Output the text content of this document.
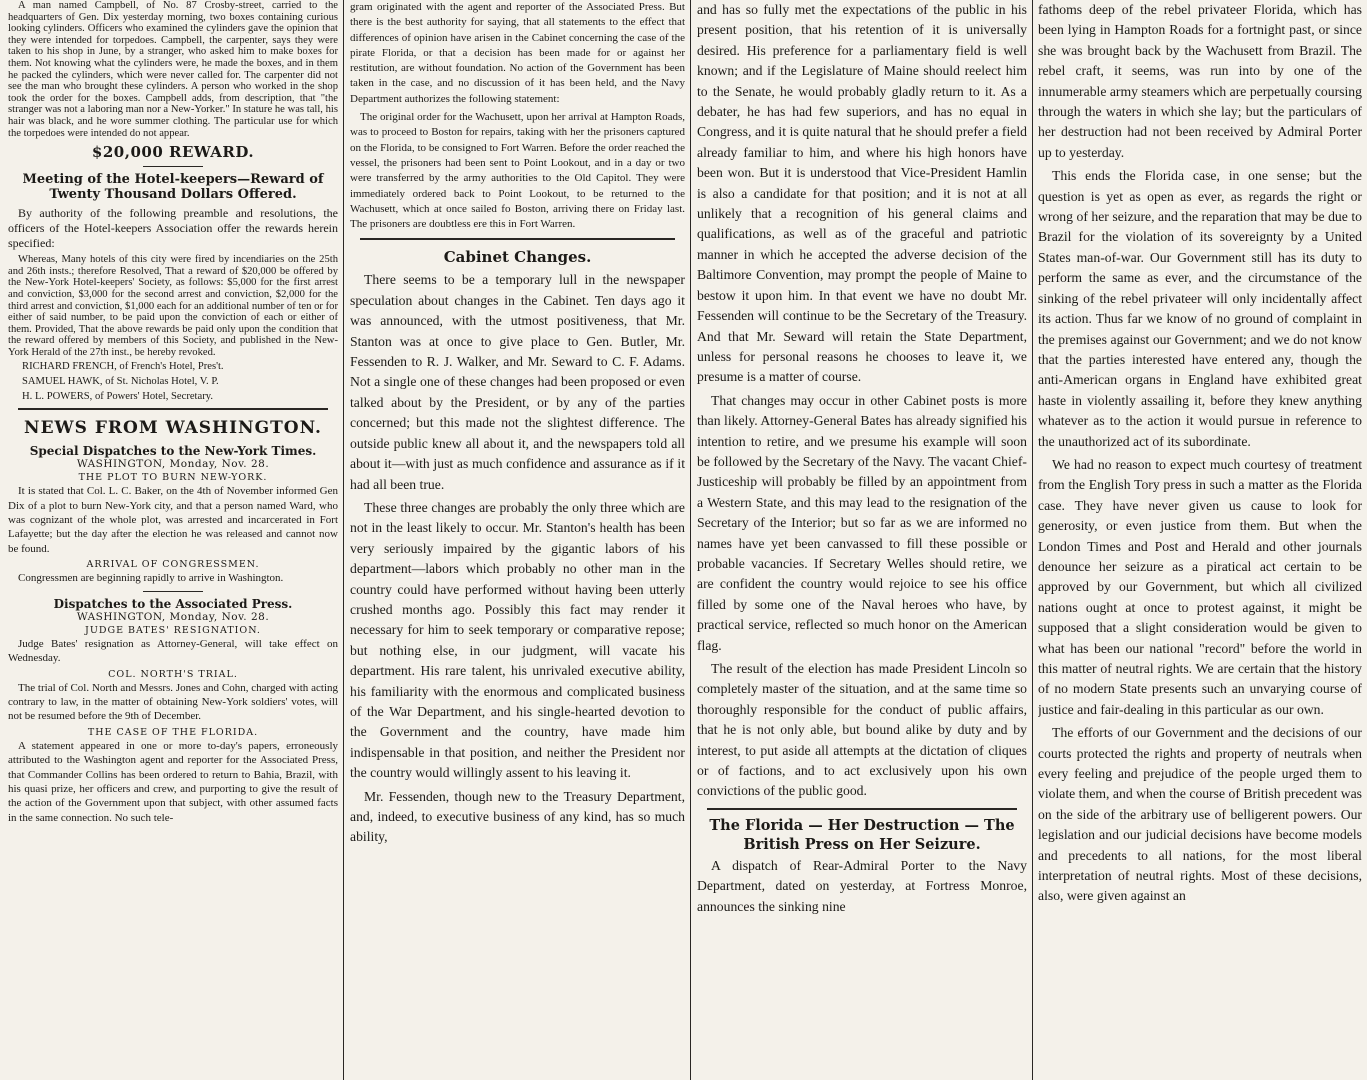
A man named Campbell, of No. 87 Crosby-street, carried to the headquarters of Gen. Dix yesterday morning, two boxes containing curious looking cylinders. Officers who examined the cylinders gave the opinion that they were intended for torpedoes. Campbell, the carpenter, says they were taken to his shop in June, by a stranger, who asked him to make boxes for them. Not knowing what the cylinders were, he made the boxes, and in them he packed the cylinders, which were never called for. The carpenter did not see the man who brought these cylinders. A person who worked in the shop took the order for the boxes. Campbell adds, from description, that "the stranger was not a laboring man nor a New-Yorker." In stature he was tall, his hair was black, and he wore summer clothing. The particular use for which the torpedoes were intended do not appear.

$20,000 REWARD.
Meeting of the Hotel-keepers—Reward of Twenty Thousand Dollars Offered.

By authority of the following preamble and resolutions, the officers of the Hotel-keepers Association offer the rewards herein specified:

Whereas, Many hotels of this city were fired by incendiaries on the 25th and 26th insts.; therefore Resolved, That a reward of $20,000 be offered by the New-York Hotel-keepers' Society, as follows: $5,000 for the first arrest and conviction, $3,000 for the second arrest and conviction, $2,000 for the third arrest and conviction, $1,000 each for an additional number of ten or for either of said number, to be paid upon the conviction of each or either of them. Provided, That the above rewards be paid only upon the condition that the reward offered by members of this Society, and published in the New-York Herald of the 27th inst., be hereby revoked.

RICHARD FRENCH, of French's Hotel, Pres't.
SAMUEL HAWK, of St. Nicholas Hotel, V. P.
H. L. POWERS, of Powers' Hotel, Secretary.
NEWS FROM WASHINGTON.
Special Dispatches to the New-York Times.
WASHINGTON, Monday, Nov. 28.
THE PLOT TO BURN NEW-YORK.

It is stated that Col. L. C. Baker, on the 4th of November informed Gen Dix of a plot to burn New-York city, and that a person named Ward, who was cognizant of the whole plot, was arrested and incarcerated in Fort Lafayette; but the day after the election he was released and cannot now be found.

ARRIVAL OF CONGRESSMEN.

Congressmen are beginning rapidly to arrive in Washington.

Dispatches to the Associated Press.
WASHINGTON, Monday, Nov. 28.
JUDGE BATES' RESIGNATION.

Judge Bates' resignation as Attorney-General, will take effect on Wednesday.

COL. NORTH'S TRIAL.

The trial of Col. North and Messrs. Jones and Cohn, charged with acting contrary to law, in the matter of obtaining New-York soldiers' votes, will not be resumed before the 9th of December.

THE CASE OF THE FLORIDA.

A statement appeared in one or more to-day's papers, erroneously attributed to the Washington agent and reporter for the Associated Press, that Commander Collins has been ordered to return to Bahia, Brazil, with his quasi prize, her officers and crew, and purporting to give the result of the action of the Government upon that subject, with other assumed facts in the same connection. No such tele-

gram originated with the agent and reporter of the Associated Press. But there is the best authority for saying, that all statements to the effect that differences of opinion have arisen in the Cabinet concerning the case of the pirate Florida, or that a decision has been made for or against her restitution, are without foundation. No action of the Government has been taken in the case, and no discussion of it has been held, and the Navy Department authorizes the following statement:

The original order for the Wachusett, upon her arrival at Hampton Roads, was to proceed to Boston for repairs, taking with her the prisoners captured on the Florida, to be consigned to Fort Warren. Before the order reached the vessel, the prisoners had been sent to Point Lookout, and in a day or two were transferred by the army authorities to the Old Capitol. They were immediately ordered back to Point Lookout, to be returned to the Wachusett, which at once sailed fo Boston, arriving there on Friday last. The prisoners are doubtless ere this in Fort Warren.

Cabinet Changes.

There seems to be a temporary lull in the newspaper speculation about changes in the Cabinet. Ten days ago it was announced, with the utmost positiveness, that Mr. Stanton was at once to give place to Gen. Butler, Mr. Fessenden to R. J. Walker, and Mr. Seward to C. F. Adams. Not a single one of these changes had been proposed or even talked about by the President, or by any of the parties concerned; but this made not the slightest difference. The outside public knew all about it, and the newspapers told all about it—with just as much confidence and assurance as if it had all been true.

These three changes are probably the only three which are not in the least likely to occur. Mr. Stanton's health has been very seriously impaired by the gigantic labors of his department—labors which probably no other man in the country could have performed without having been utterly crushed months ago. Possibly this fact may render it necessary for him to seek temporary or comparative repose; but nothing else, in our judgment, will vacate his department. His rare talent, his unrivaled executive ability, his familiarity with the enormous and complicated business of the War Department, and his single-hearted devotion to the Government and the country, have made him indispensable in that position, and neither the President nor the country would willingly assent to his leaving it.

Mr. Fessenden, though new to the Treasury Department, and, indeed, to executive business of any kind, has so much ability,

and has so fully met the expectations of the public in his present position, that his retention of it is universally desired. His preference for a parliamentary field is well known; and if the Legislature of Maine should reelect him to the Senate, he would probably gladly return to it. As a debater, he has had few superiors, and has no equal in Congress, and it is quite natural that he should prefer a field already familiar to him, and where his high honors have been won. But it is understood that Vice-President Hamlin is also a candidate for that position; and it is not at all unlikely that a recognition of his general claims and qualifications, as well as of the graceful and patriotic manner in which he accepted the adverse decision of the Baltimore Convention, may prompt the people of Maine to bestow it upon him. In that event we have no doubt Mr. Fessenden will continue to be the Secretary of the Treasury. And that Mr. Seward will retain the State Department, unless for personal reasons he chooses to leave it, we presume is a matter of course.

That changes may occur in other Cabinet posts is more than likely. Attorney-General Bates has already signified his intention to retire, and we presume his example will soon be followed by the Secretary of the Navy. The vacant Chief-Justiceship will probably be filled by an appointment from a Western State, and this may lead to the resignation of the Secretary of the Interior; but so far as we are informed no names have yet been canvassed to fill these possible or probable vacancies. If Secretary Welles should retire, we are confident the country would rejoice to see his office filled by some one of the Naval heroes who have, by practical service, reflected so much honor on the American flag.

The result of the election has made President Lincoln so completely master of the situation, and at the same time so thoroughly responsible for the conduct of public affairs, that he is not only able, but bound alike by duty and by interest, to put aside all attempts at the dictation of cliques or of factions, and to act exclusively upon his own convictions of the public good.

The Florida — Her Destruction — The British Press on Her Seizure.

A dispatch of Rear-Admiral Porter to the Navy Department, dated on yesterday, at Fortress Monroe, announces the sinking nine

fathoms deep of the rebel privateer Florida, which has been lying in Hampton Roads for a fortnight past, or since she was brought back by the Wachusett from Brazil. The rebel craft, it seems, was run into by one of the innumerable army steamers which are perpetually coursing through the waters in which she lay; but the particulars of her destruction had not been received by Admiral Porter up to yesterday.

This ends the Florida case, in one sense; but the question is yet as open as ever, as regards the right or wrong of her seizure, and the reparation that may be due to Brazil for the violation of its sovereignty by a United States man-of-war. Our Government still has its duty to perform the same as ever, and the circumstance of the sinking of the rebel privateer will only incidentally affect its action. Thus far we know of no ground of complaint in the premises against our Government; and we do not know that the parties interested have entered any, though the anti-American organs in England have exhibited great haste in violently assailing it, before they knew anything whatever as to the action it would pursue in reference to the unauthorized act of its subordinate.

We had no reason to expect much courtesy of treatment from the English Tory press in such a matter as the Florida case. They have never given us cause to look for generosity, or even justice from them. But when the London Times and Post and Herald and other journals denounce her seizure as a piratical act certain to be approved by our Government, but which all civilized nations ought at once to protest against, it might be supposed that a slight consideration would be given to what has been our national "record" before the world in this matter of neutral rights. We are certain that the history of no modern State presents such an unvarying course of justice and fair-dealing in this particular as our own.

The efforts of our Government and the decisions of our courts protected the rights and property of neutrals when every feeling and prejudice of the people urged them to violate them, and when the course of British precedent was on the side of the arbitrary use of belligerent powers. Our legislation and our judicial decisions have become models and precedents to all nations, for the most liberal interpretation of neutral rights. Most of these decisions, also, were given against an
